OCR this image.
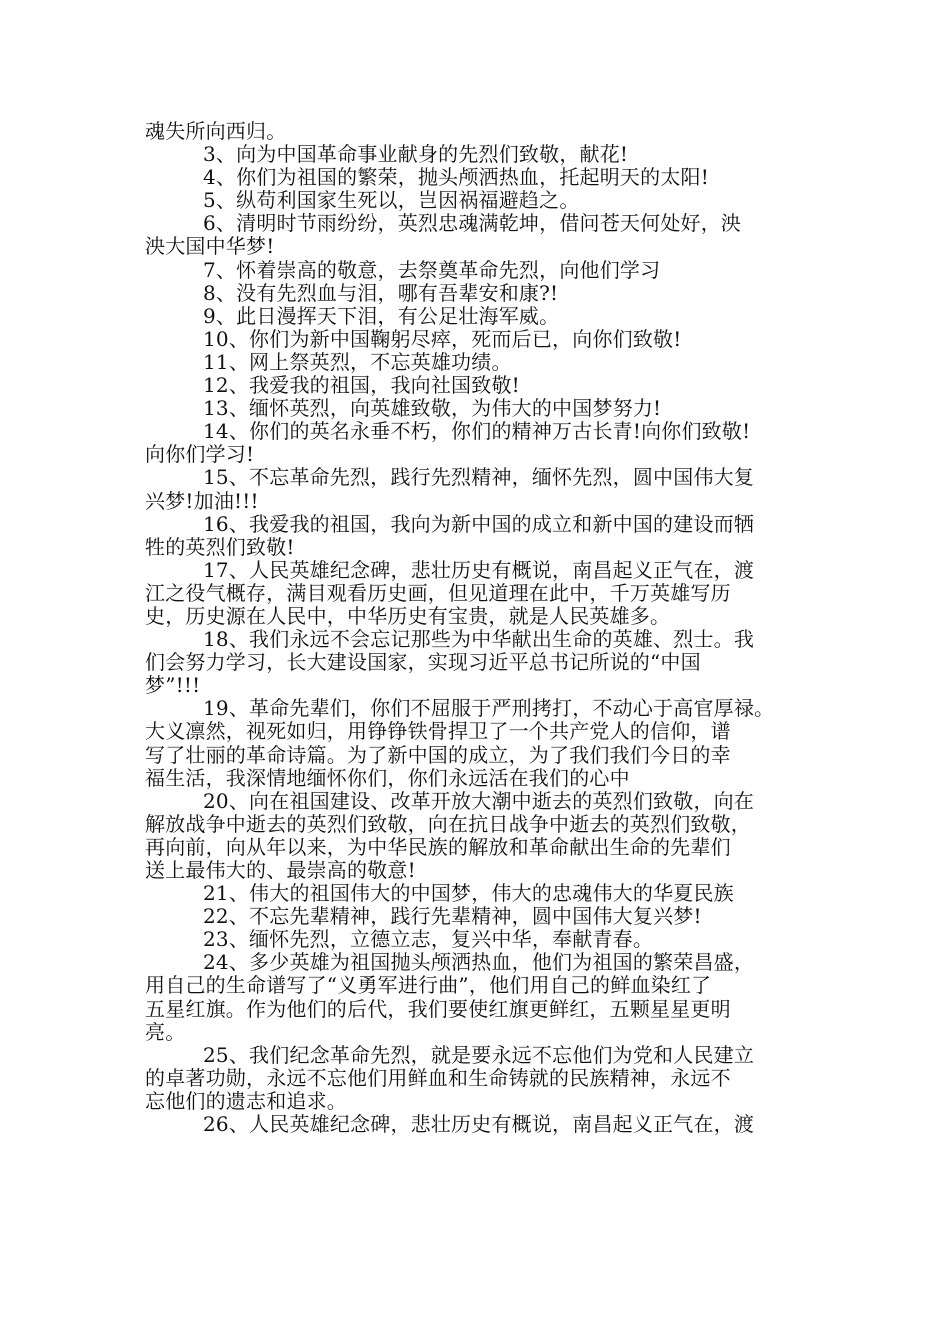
魂失所向西归。

3、向为中国革命事业献身的先烈们致敬，献花!

4、你们为祖国的繁荣，抛头颅洒热血，托起明天的太阳!

5、纵苟利国家生死以，岂因祸福避趋之。

6、清明时节雨纷纷，英烈忠魂满乾坤，借问苍天何处好，泱
泱大国中华梦!

7、怀着崇高的敬意，去祭奠革命先烈，向他们学习

8、没有先烈血与泪，哪有吾辈安和康?!

9、此日漫挥天下泪，有公足壮海军威。

10、你们为新中国鞠躬尽瘁，死而后已，向你们致敬!

11、网上祭英烈，不忘英雄功绩。

12、我爱我的祖国，我向社国致敬!

13、缅怀英烈，向英雄致敬，为伟大的中国梦努力!

14、你们的英名永垂不朽，你们的精神万古长青!向你们致敬!
向你们学习!

15、不忘革命先烈，践行先烈精神，缅怀先烈，圆中国伟大复
兴梦!加油!!!

16、我爱我的祖国，我向为新中国的成立和新中国的建设而牺
牲的英烈们致敬!

17、人民英雄纪念碑，悲壮历史有概说，南昌起义正气在，渡
江之役气概存，满目观看历史画，但见道理在此中，千万英雄写历
史，历史源在人民中，中华历史有宝贵，就是人民英雄多。

18、我们永远不会忘记那些为中华献出生命的英雄、烈士。我
们会努力学习，长大建设国家，实现习近平总书记所说的“中国
梦”!!!

19、革命先辈们，你们不屈服于严刑拷打，不动心于高官厚禄。
大义凛然，视死如归，用铮铮铁骨捍卫了一个共产党人的信仰，谱
写了壮丽的革命诗篇。为了新中国的成立，为了我们我们今日的幸
福生活，我深情地缅怀你们，你们永远活在我们的心中

20、向在祖国建设、改革开放大潮中逝去的英烈们致敬，向在
解放战争中逝去的英烈们致敬，向在抗日战争中逝去的英烈们致敬，
再向前，向从年以来，为中华民族的解放和革命献出生命的先辈们
送上最伟大的、最崇高的敬意!

21、伟大的祖国伟大的中国梦，伟大的忠魂伟大的华夏民族

22、不忘先辈精神，践行先辈精神，圆中国伟大复兴梦!

23、缅怀先烈，立德立志，复兴中华，奉献青春。

24、多少英雄为祖国抛头颅洒热血，他们为祖国的繁荣昌盛，
用自己的生命谱写了“义勇军进行曲”，他们用自己的鲜血染红了
五星红旗。作为他们的后代，我们要使红旗更鲜红，五颗星星更明
亮。

25、我们纪念革命先烈，就是要永远不忘他们为党和人民建立
的卓著功勋，永远不忘他们用鲜血和生命铸就的民族精神，永远不
忘他们的遗志和追求。

26、人民英雄纪念碑，悲壮历史有概说，南昌起义正气在，渡
